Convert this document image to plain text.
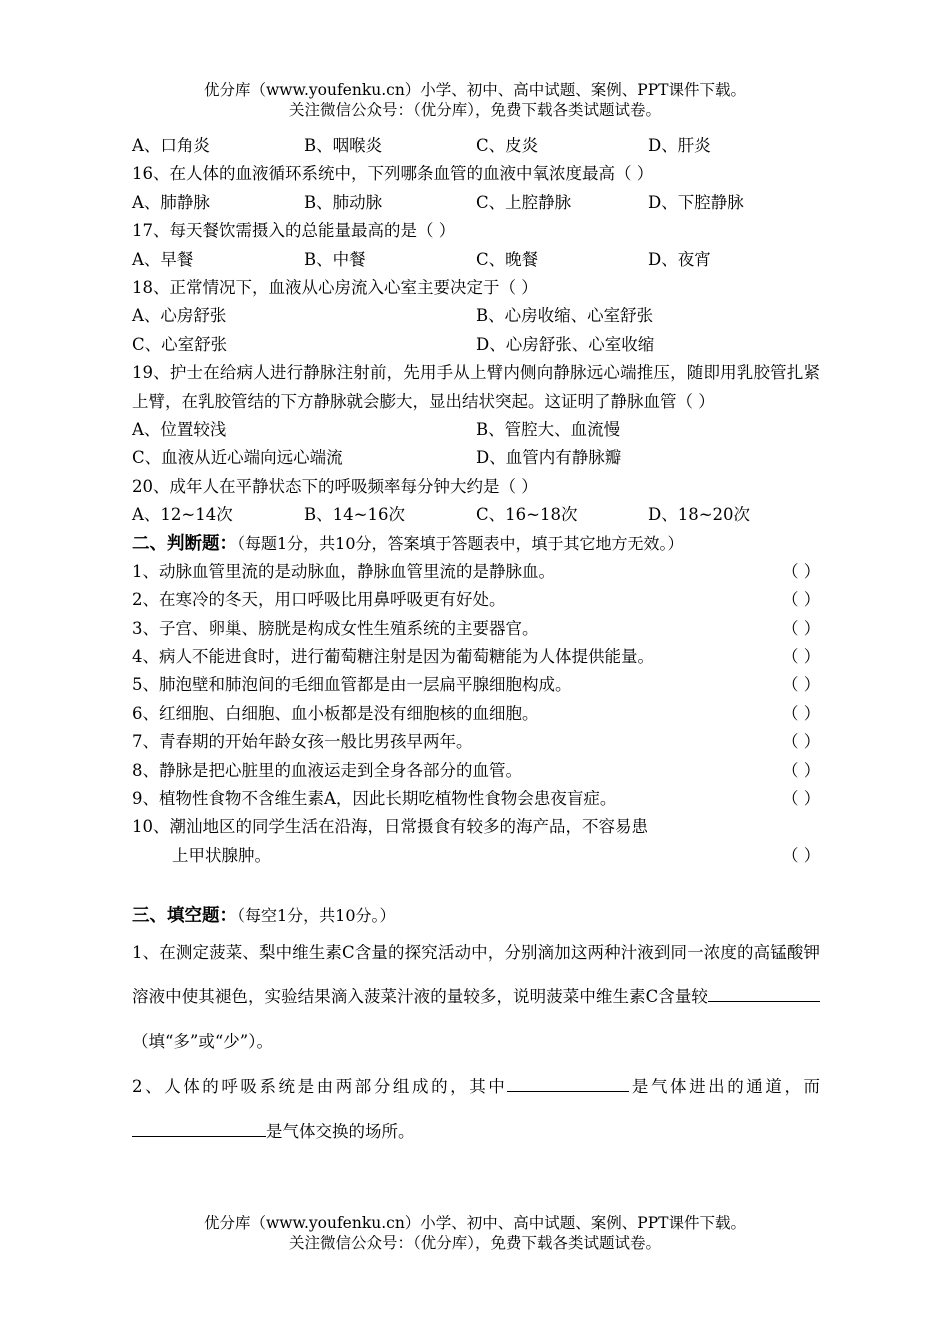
优分库（www.youfenku.cn）小学、初中、高中试题、案例、PPT课件下载。
关注微信公众号：（优分库），免费下载各类试题试卷。
A、口角炎	B、咽喉炎	C、皮炎	D、肝炎
16、在人体的血液循环系统中，下列哪条血管的血液中氧浓度最高（ ）
A、肺静脉	B、肺动脉	C、上腔静脉	D、下腔静脉
17、每天餐饮需摄入的总能量最高的是（ ）
A、早餐	B、中餐	C、晚餐	D、夜宵
18、正常情况下，血液从心房流入心室主要决定于（ ）
A、心房舒张	B、心房收缩、心室舒张
C、心室舒张	D、心房舒张、心室收缩
19、护士在给病人进行静脉注射前，先用手从上臂内侧向静脉远心端推压，随即用乳胶管扎紧上臂，在乳胶管结的下方静脉就会膨大，显出结状突起。这证明了静脉血管（ ）
A、位置较浅	B、管腔大、血流慢
C、血液从近心端向远心端流	D、血管内有静脉瓣
20、成年人在平静状态下的呼吸频率每分钟大约是（ ）
A、12~14次	B、14~16次	C、16~18次	D、18~20次
二、判断题：（每题1分，共10分，答案填于答题表中，填于其它地方无效。）
1、动脉血管里流的是动脉血，静脉血管里流的是静脉血。	（ ）
2、在寒冷的冬天，用口呼吸比用鼻呼吸更有好处。	（ ）
3、子宫、卵巢、膀胱是构成女性生殖系统的主要器官。	（ ）
4、病人不能进食时，进行葡萄糖注射是因为葡萄糖能为人体提供能量。	（ ）
5、肺泡壁和肺泡间的毛细血管都是由一层扁平腺细胞构成。	（ ）
6、红细胞、白细胞、血小板都是没有细胞核的血细胞。	（ ）
7、青春期的开始年龄女孩一般比男孩早两年。	（ ）
8、静脉是把心脏里的血液运走到全身各部分的血管。	（ ）
9、植物性食物不含维生素A，因此长期吃植物性食物会患夜盲症。	（ ）
10、潮汕地区的同学生活在沿海，日常摄食有较多的海产品，不容易患
上甲状腺肿。	（ ）
三、填空题：（每空1分，共10分。）
1、在测定菠菜、梨中维生素C含量的探究活动中，分别滴加这两种汁液到同一浓度的高锰酸钾溶液中使其褪色，实验结果滴入菠菜汁液的量较多，说明菠菜中维生素C含量较（填“多”或“少”）。
2、人体的呼吸系统是由两部分组成的，其中	是气体进出的通道，而是气体交换的场所。
优分库（www.youfenku.cn）小学、初中、高中试题、案例、PPT课件下载。
关注微信公众号：（优分库），免费下载各类试题试卷。
